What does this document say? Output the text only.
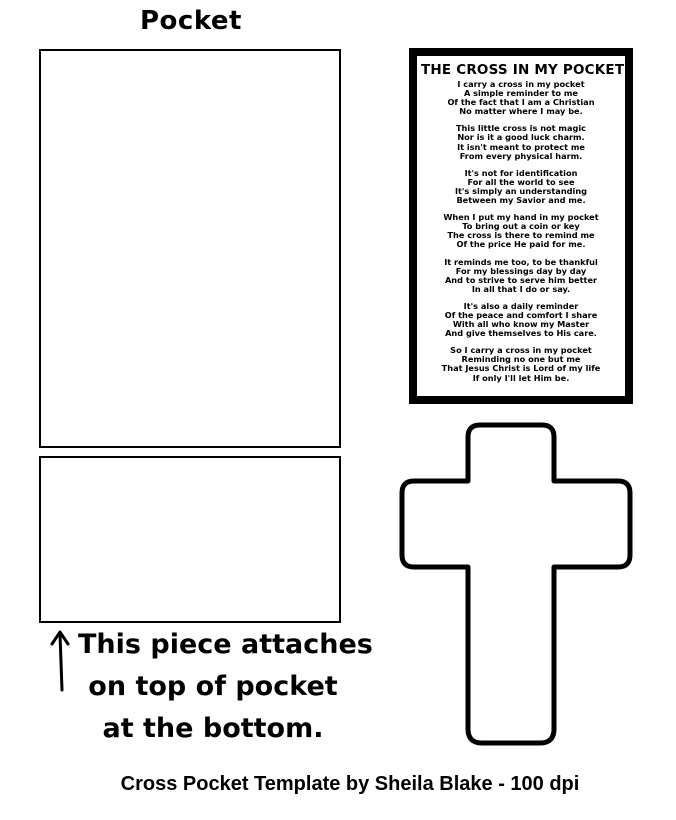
Pocket
THE CROSS IN MY POCKET
I carry a cross in my pocket
A simple reminder to me
Of the fact that I am a Christian
No matter where I may be.
This little cross is not magic
Nor is it a good luck charm.
It isn't meant to protect me
From every physical harm.
It's not for identification
For all the world to see
It's simply an understanding
Between my Savior and me.
When I put my hand in my pocket
To bring out a coin or key
The cross is there to remind me
Of the price He paid for me.
It reminds me too, to be thankful
For my blessings day by day
And to strive to serve him better
In all that I do or say.
It's also a daily reminder
Of the peace and comfort I share
With all who know my Master
And give themselves to His care.
So I carry a cross in my pocket
Reminding no one but me
That Jesus Christ is Lord of my life
If only I'll let Him be.
This piece attaches
on top of pocket
at the bottom.
Cross Pocket Template by Sheila Blake - 100 dpi
